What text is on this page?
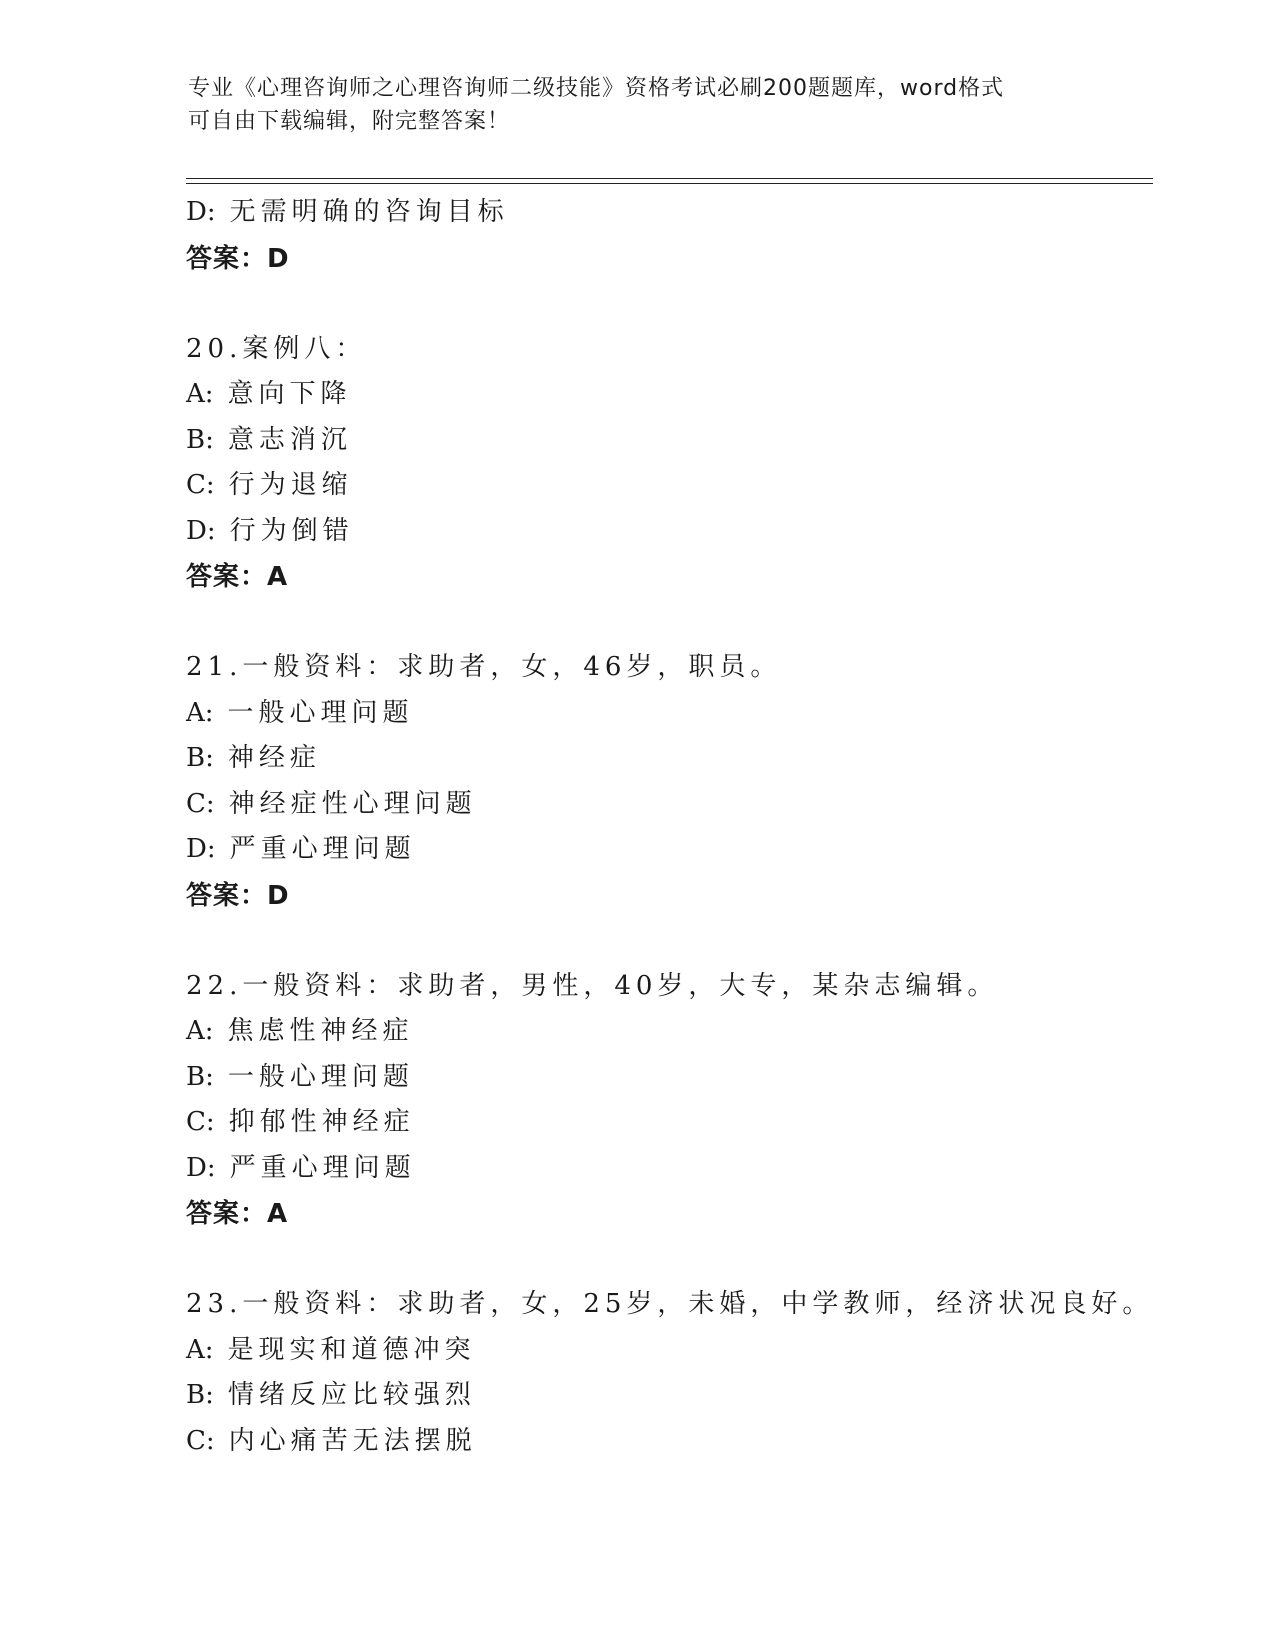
专业《心理咨询师之心理咨询师二级技能》资格考试必刷200题题库，word格式
可自由下载编辑，附完整答案！
D: 无需明确的咨询目标
答案：D
20.案例八：
A: 意向下降
B: 意志消沉
C: 行为退缩
D: 行为倒错
答案：A
21.一般资料：求助者，女，46岁，职员。
A: 一般心理问题
B: 神经症
C: 神经症性心理问题
D: 严重心理问题
答案：D
22.一般资料：求助者，男性，40岁，大专，某杂志编辑。
A: 焦虑性神经症
B: 一般心理问题
C: 抑郁性神经症
D: 严重心理问题
答案：A
23.一般资料：求助者，女，25岁，未婚，中学教师，经济状况良好。
A: 是现实和道德冲突
B: 情绪反应比较强烈
C: 内心痛苦无法摆脱
